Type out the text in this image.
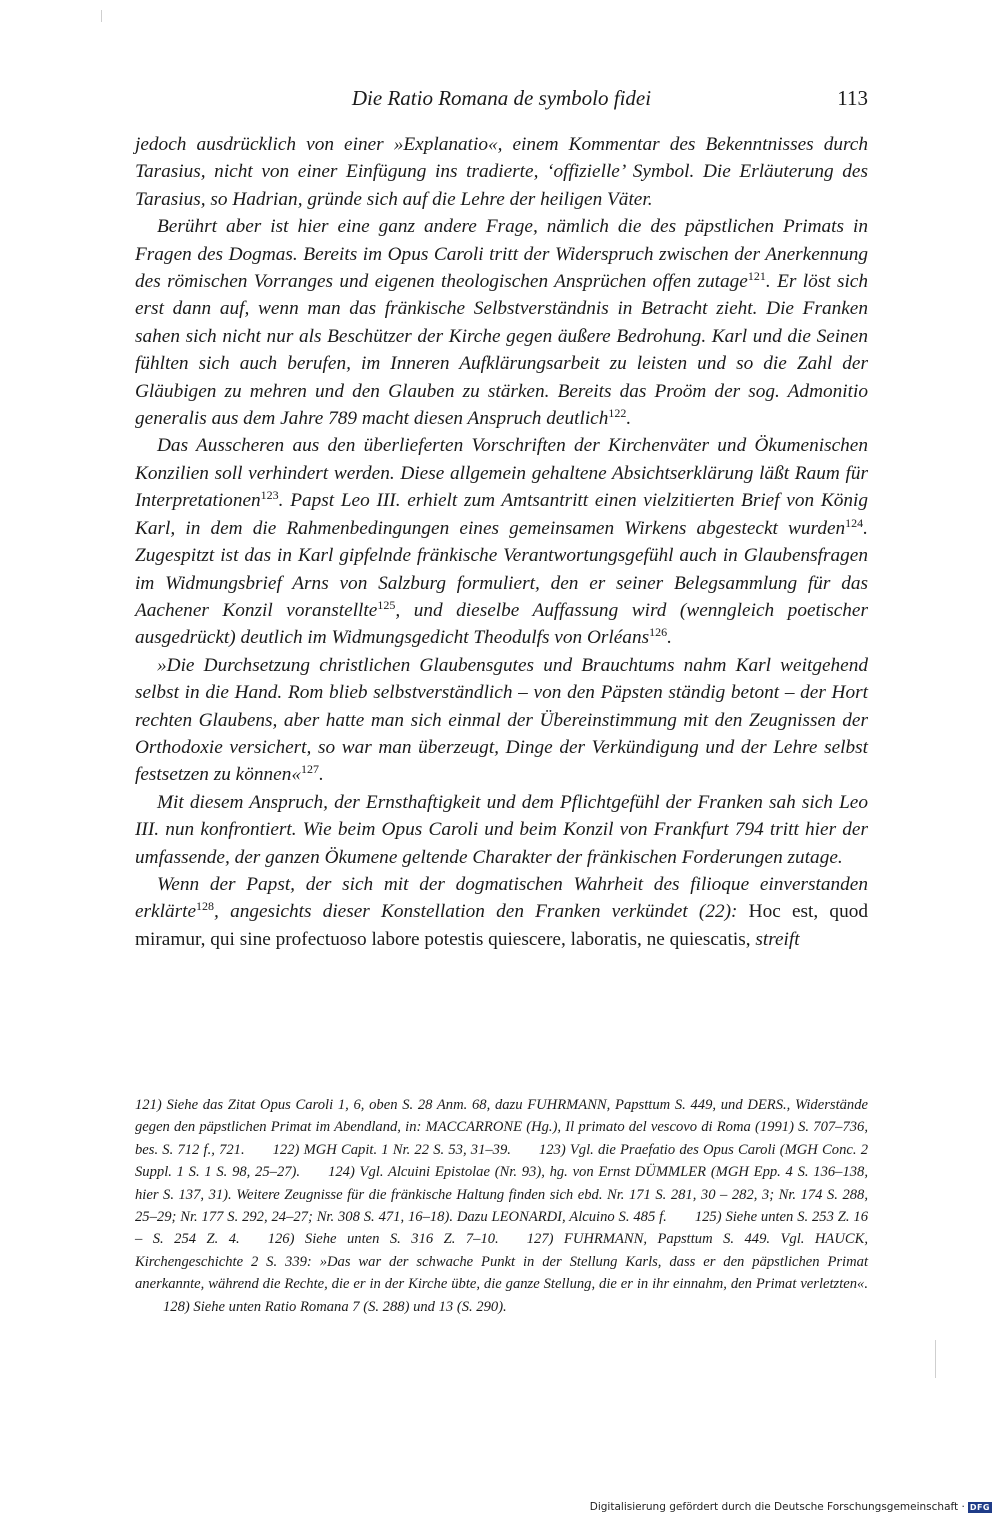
Die Ratio Romana de symbolo fidei	113

jedoch ausdrücklich von einer »Explanatio«, einem Kommentar des Bekenntnisses durch Tarasius, nicht von einer Einfügung ins tradierte, ‘offizielle’ Symbol. Die Erläuterung des Tarasius, so Hadrian, gründe sich auf die Lehre der heiligen Väter.

Berührt aber ist hier eine ganz andere Frage, nämlich die des päpstlichen Primats in Fragen des Dogmas. Bereits im Opus Caroli tritt der Widerspruch zwischen der Anerkennung des römischen Vorranges und eigenen theologischen Ansprüchen offen zutage$^{121}$. Er löst sich erst dann auf, wenn man das fränkische Selbstverständnis in Betracht zieht. Die Franken sahen sich nicht nur als Beschützer der Kirche gegen äußere Bedrohung. Karl und die Seinen fühlten sich auch berufen, im Inneren Aufklärungsarbeit zu leisten und so die Zahl der Gläubigen zu mehren und den Glauben zu stärken. Bereits das Proöm der sog. Admonitio generalis aus dem Jahre 789 macht diesen Anspruch deutlich$^{122}$.

Das Ausscheren aus den überlieferten Vorschriften der Kirchenväter und Ökumenischen Konzilien soll verhindert werden. Diese allgemein gehaltene Absichtserklärung läßt Raum für Interpretationen$^{123}$. Papst Leo III. erhielt zum Amtsantritt einen vielzitierten Brief von König Karl, in dem die Rahmenbedingungen eines gemeinsamen Wirkens abgesteckt wurden$^{124}$. Zugespitzt ist das in Karl gipfelnde fränkische Verantwortungsgefühl auch in Glaubensfragen im Widmungsbrief Arns von Salzburg formuliert, den er seiner Belegsammlung für das Aachener Konzil voranstellte$^{125}$, und dieselbe Auffassung wird (wenngleich poetischer ausgedrückt) deutlich im Widmungsgedicht Theodulfs von Orléans$^{126}$.

»Die Durchsetzung christlichen Glaubensgutes und Brauchtums nahm Karl weitgehend selbst in die Hand. Rom blieb selbstverständlich – von den Päpsten ständig betont – der Hort rechten Glaubens, aber hatte man sich einmal der Übereinstimmung mit den Zeugnissen der Orthodoxie versichert, so war man überzeugt, Dinge der Verkündigung und der Lehre selbst festsetzen zu können«$^{127}$.

Mit diesem Anspruch, der Ernsthaftigkeit und dem Pflichtgefühl der Franken sah sich Leo III. nun konfrontiert. Wie beim Opus Caroli und beim Konzil von Frankfurt 794 tritt hier der umfassende, der ganzen Ökumene geltende Charakter der fränkischen Forderungen zutage.

Wenn der Papst, der sich mit der dogmatischen Wahrheit des filioque einverstanden erklärte$^{128}$, angesichts dieser Konstellation den Franken verkündet (22): Hoc est, quod miramur, qui sine profectuoso labore potestis quiescere, laboratis, ne quiescatis, streift

121) Siehe das Zitat Opus Caroli 1, 6, oben S. 28 Anm. 68, dazu FUHRMANN, Papsttum S. 449, und DERS., Widerstände gegen den päpstlichen Primat im Abendland, in: MACCARRONE (Hg.), Il primato del vescovo di Roma (1991) S. 707–736, bes. S. 712 f., 721. 122) MGH Capit. 1 Nr. 22 S. 53, 31–39. 123) Vgl. die Praefatio des Opus Caroli (MGH Conc. 2 Suppl. 1 S. 1 S. 98, 25–27). 124) Vgl. Alcuini Epistolae (Nr. 93), hg. von Ernst DÜMMLER (MGH Epp. 4 S. 136–138, hier S. 137, 31). Weitere Zeugnisse für die fränkische Haltung finden sich ebd. Nr. 171 S. 281, 30 – 282, 3; Nr. 174 S. 288, 25–29; Nr. 177 S. 292, 24–27; Nr. 308 S. 471, 16–18). Dazu LEONARDI, Alcuino S. 485 f. 125) Siehe unten S. 253 Z. 16 – S. 254 Z. 4. 126) Siehe unten S. 316 Z. 7–10. 127) FUHRMANN, Papsttum S. 449. Vgl. HAUCK, Kirchengeschichte 2 S. 339: »Das war der schwache Punkt in der Stellung Karls, dass er den päpstlichen Primat anerkannte, während die Rechte, die er in der Kirche übte, die ganze Stellung, die er in ihr einnahm, den Primat verletzten«.128) Siehe unten Ratio Romana 7 (S. 288) und 13 (S. 290).
Digitalisierung gefördert durch die Deutsche Forschungsgemeinschaft · DFG
